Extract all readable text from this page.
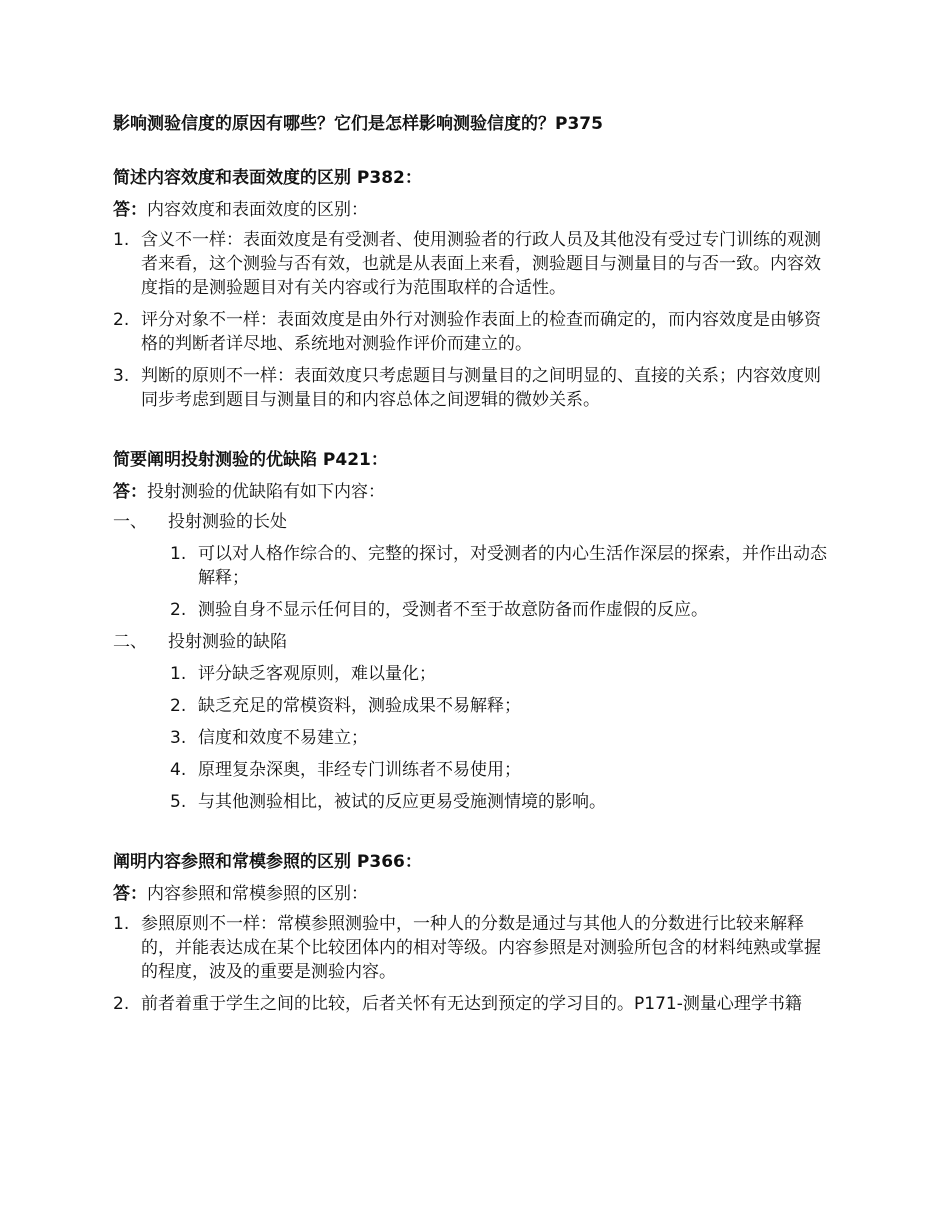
影响测验信度的原因有哪些？它们是怎样影响测验信度的？P375

简述内容效度和表面效度的区别 P382：

答：内容效度和表面效度的区别：

1. 含义不一样：表面效度是有受测者、使用测验者的行政人员及其他没有受过专门训练的观测者来看，这个测验与否有效，也就是从表面上来看，测验题目与测量目的与否一致。内容效度指的是测验题目对有关内容或行为范围取样的合适性。
2. 评分对象不一样：表面效度是由外行对测验作表面上的检查而确定的，而内容效度是由够资格的判断者详尽地、系统地对测验作评价而建立的。
3. 判断的原则不一样：表面效度只考虑题目与测量目的之间明显的、直接的关系；内容效度则同步考虑到题目与测量目的和内容总体之间逻辑的微妙关系。

简要阐明投射测验的优缺陷 P421：

答：投射测验的优缺陷有如下内容：

一、 投射测验的长处
1. 可以对人格作综合的、完整的探讨，对受测者的内心生活作深层的探索，并作出动态解释；
2. 测验自身不显示任何目的，受测者不至于故意防备而作虚假的反应。
二、 投射测验的缺陷
1. 评分缺乏客观原则，难以量化；
2. 缺乏充足的常模资料，测验成果不易解释；
3. 信度和效度不易建立；
4. 原理复杂深奥，非经专门训练者不易使用；
5. 与其他测验相比，被试的反应更易受施测情境的影响。

阐明内容参照和常模参照的区别 P366：

答：内容参照和常模参照的区别：

1. 参照原则不一样：常模参照测验中，一种人的分数是通过与其他人的分数进行比较来解释的，并能表达成在某个比较团体内的相对等级。内容参照是对测验所包含的材料纯熟或掌握的程度，波及的重要是测验内容。
2. 前者着重于学生之间的比较，后者关怀有无达到预定的学习目的。P171-测量心理学书籍
